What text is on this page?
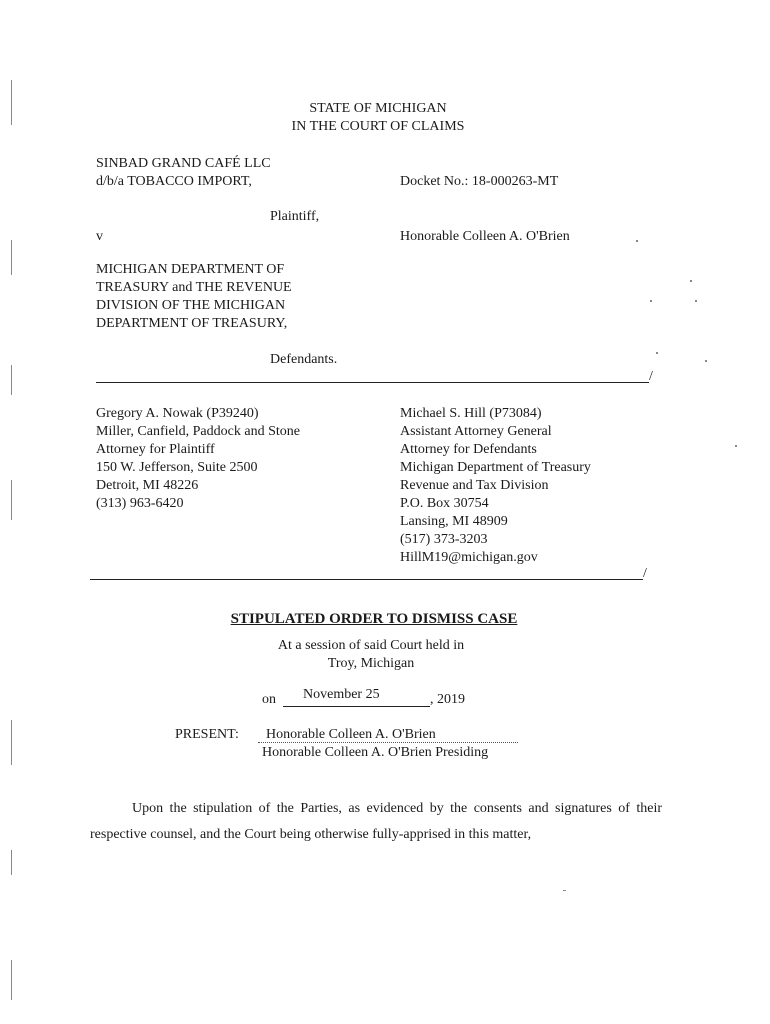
STATE OF MICHIGAN
IN THE COURT OF CLAIMS
SINBAD GRAND CAFÉ LLC
d/b/a TOBACCO IMPORT,
Plaintiff,
v
MICHIGAN DEPARTMENT OF
TREASURY and THE REVENUE
DIVISION OF THE MICHIGAN
DEPARTMENT OF TREASURY,
Defendants.
Docket No.: 18-000263-MT
Honorable Colleen A. O'Brien
/
Gregory A. Nowak (P39240)
Miller, Canfield, Paddock and Stone
Attorney for Plaintiff
150 W. Jefferson, Suite 2500
Detroit, MI 48226
(313) 963-6420
Michael S. Hill (P73084)
Assistant Attorney General
Attorney for Defendants
Michigan Department of Treasury
Revenue and Tax Division
P.O. Box 30754
Lansing, MI 48909
(517) 373-3203
HillM19@michigan.gov
/
STIPULATED ORDER TO DISMISS CASE
At a session of said Court held in
Troy, Michigan
on November 25	, 2019
PRESENT: Honorable Colleen A. O'Brien
Honorable Colleen A. O'Brien Presiding
Upon the stipulation of the Parties, as evidenced by the consents and signatures of their respective counsel, and the Court being otherwise fully-apprised in this matter,
